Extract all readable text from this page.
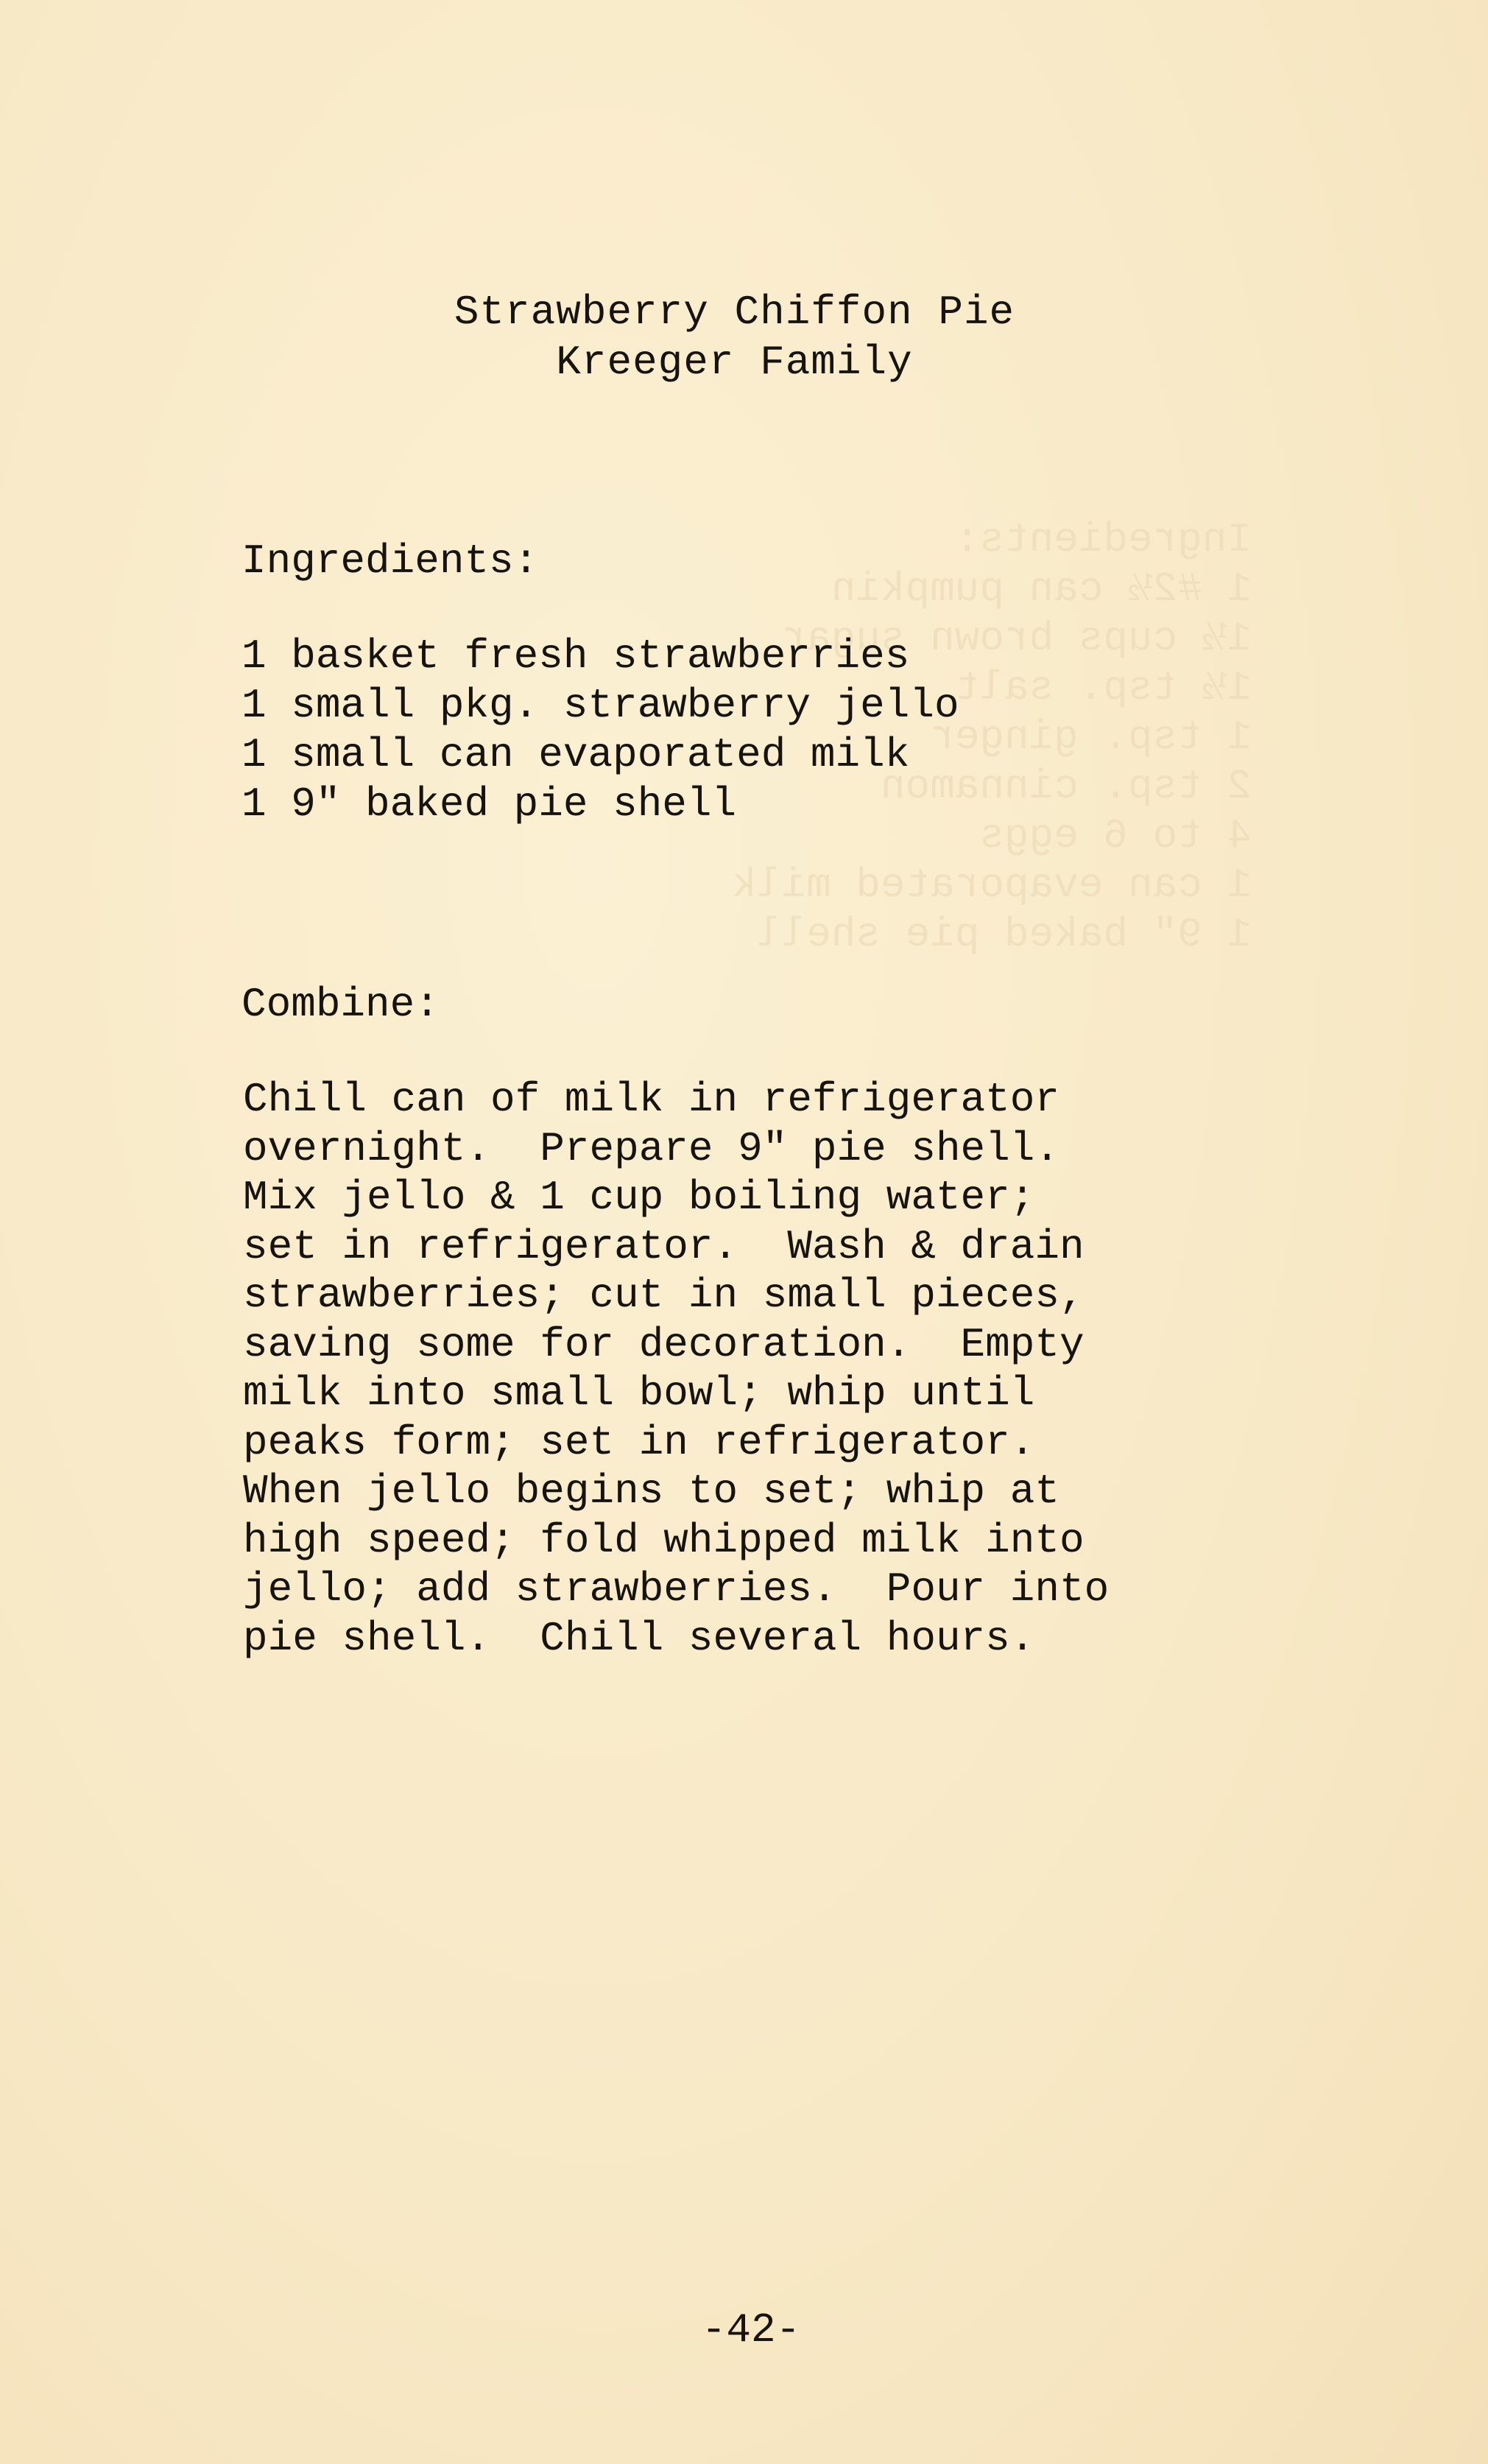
Ingredients:
1 #2½ can pumpkin
1½ cups brown sugar
1½ tsp. salt
1 tsp. ginger
2 tsp. cinnamon
4 to 6 eggs
1 can evaporated milk
1 9" baked pie shell
Strawberry Chiffon Pie
Kreeger Family
Ingredients:
1 basket fresh strawberries
1 small pkg. strawberry jello
1 small can evaporated milk
1 9" baked pie shell
Combine:
Chill can of milk in refrigerator
overnight.  Prepare 9" pie shell.
Mix jello & 1 cup boiling water;
set in refrigerator.  Wash & drain
strawberries; cut in small pieces,
saving some for decoration.  Empty
milk into small bowl; whip until
peaks form; set in refrigerator.
When jello begins to set; whip at
high speed; fold whipped milk into
jello; add strawberries.  Pour into
pie shell.  Chill several hours.
-42-
